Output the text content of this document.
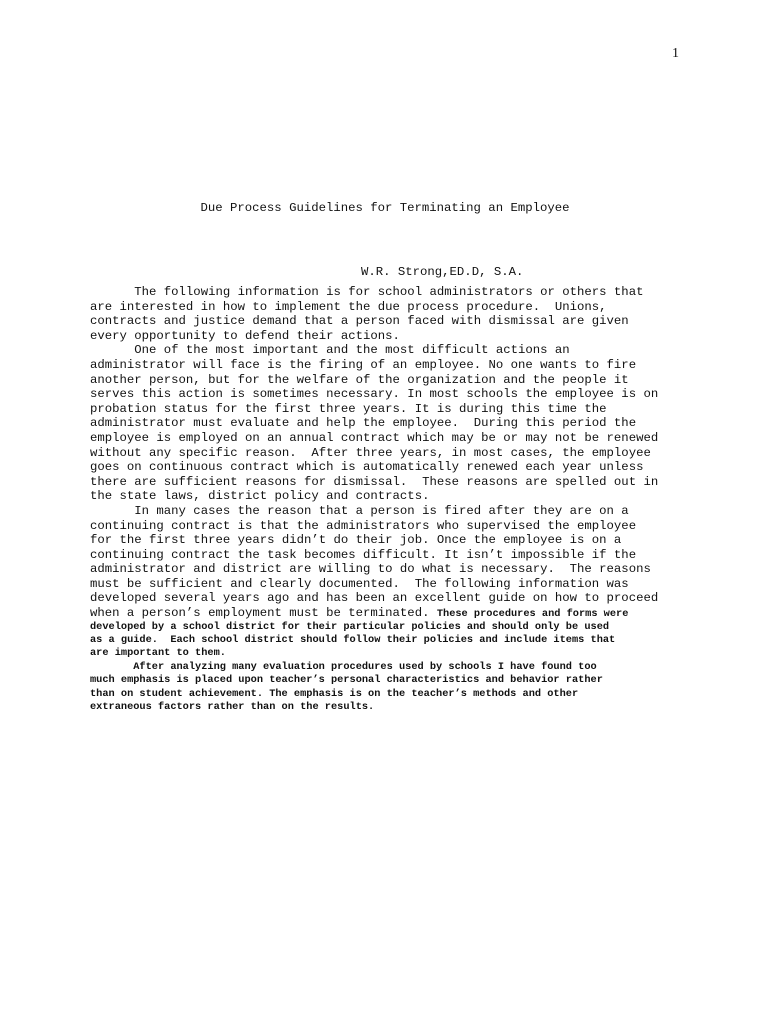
1
Due Process Guidelines for Terminating an Employee
W.R. Strong,ED.D, S.A.
The following information is for school administrators or others that
are interested in how to implement the due process procedure.  Unions,
contracts and justice demand that a person faced with dismissal are given
every opportunity to defend their actions.
One of the most important and the most difficult actions an
administrator will face is the firing of an employee. No one wants to fire
another person, but for the welfare of the organization and the people it
serves this action is sometimes necessary. In most schools the employee is on
probation status for the first three years. It is during this time the
administrator must evaluate and help the employee.  During this period the
employee is employed on an annual contract which may be or may not be renewed
without any specific reason.  After three years, in most cases, the employee
goes on continuous contract which is automatically renewed each year unless
there are sufficient reasons for dismissal.  These reasons are spelled out in
the state laws, district policy and contracts.
In many cases the reason that a person is fired after they are on a
continuing contract is that the administrators who supervised the employee
for the first three years didn’t do their job. Once the employee is on a
continuing contract the task becomes difficult. It isn’t impossible if the
administrator and district are willing to do what is necessary.  The reasons
must be sufficient and clearly documented.  The following information was
developed several years ago and has been an excellent guide on how to proceed
when a person’s employment must be terminated. These procedures and forms were
developed by a school district for their particular policies and should only be used
as a guide.  Each school district should follow their policies and include items that
are important to them.
After analyzing many evaluation procedures used by schools I have found too
much emphasis is placed upon teacher’s personal characteristics and behavior rather
than on student achievement. The emphasis is on the teacher’s methods and other
extraneous factors rather than on the results.
